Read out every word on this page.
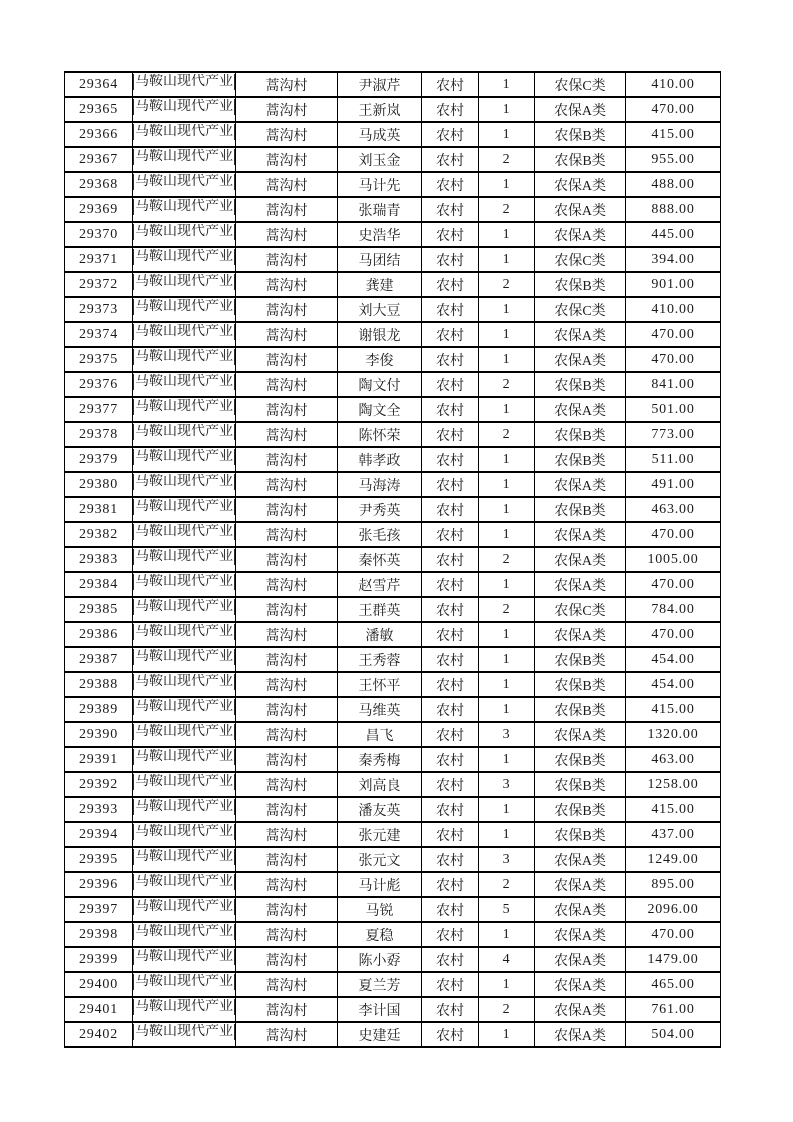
29364	马鞍山现代产业	蒿沟村	尹淑芹	农村	1	农保C类	410.00
29365	马鞍山现代产业	蒿沟村	王新岚	农村	1	农保A类	470.00
29366	马鞍山现代产业	蒿沟村	马成英	农村	1	农保B类	415.00
29367	马鞍山现代产业	蒿沟村	刘玉金	农村	2	农保B类	955.00
29368	马鞍山现代产业	蒿沟村	马计先	农村	1	农保A类	488.00
29369	马鞍山现代产业	蒿沟村	张瑞青	农村	2	农保A类	888.00
29370	马鞍山现代产业	蒿沟村	史浩华	农村	1	农保A类	445.00
29371	马鞍山现代产业	蒿沟村	马团结	农村	1	农保C类	394.00
29372	马鞍山现代产业	蒿沟村	龚建	农村	2	农保B类	901.00
29373	马鞍山现代产业	蒿沟村	刘大豆	农村	1	农保C类	410.00
29374	马鞍山现代产业	蒿沟村	谢银龙	农村	1	农保A类	470.00
29375	马鞍山现代产业	蒿沟村	李俊	农村	1	农保A类	470.00
29376	马鞍山现代产业	蒿沟村	陶文付	农村	2	农保B类	841.00
29377	马鞍山现代产业	蒿沟村	陶文全	农村	1	农保A类	501.00
29378	马鞍山现代产业	蒿沟村	陈怀荣	农村	2	农保B类	773.00
29379	马鞍山现代产业	蒿沟村	韩孝政	农村	1	农保B类	511.00
29380	马鞍山现代产业	蒿沟村	马海涛	农村	1	农保A类	491.00
29381	马鞍山现代产业	蒿沟村	尹秀英	农村	1	农保B类	463.00
29382	马鞍山现代产业	蒿沟村	张毛孩	农村	1	农保A类	470.00
29383	马鞍山现代产业	蒿沟村	秦怀英	农村	2	农保A类	1005.00
29384	马鞍山现代产业	蒿沟村	赵雪芹	农村	1	农保A类	470.00
29385	马鞍山现代产业	蒿沟村	王群英	农村	2	农保C类	784.00
29386	马鞍山现代产业	蒿沟村	潘敏	农村	1	农保A类	470.00
29387	马鞍山现代产业	蒿沟村	王秀蓉	农村	1	农保B类	454.00
29388	马鞍山现代产业	蒿沟村	王怀平	农村	1	农保B类	454.00
29389	马鞍山现代产业	蒿沟村	马维英	农村	1	农保B类	415.00
29390	马鞍山现代产业	蒿沟村	昌飞	农村	3	农保A类	1320.00
29391	马鞍山现代产业	蒿沟村	秦秀梅	农村	1	农保B类	463.00
29392	马鞍山现代产业	蒿沟村	刘高良	农村	3	农保B类	1258.00
29393	马鞍山现代产业	蒿沟村	潘友英	农村	1	农保B类	415.00
29394	马鞍山现代产业	蒿沟村	张元建	农村	1	农保B类	437.00
29395	马鞍山现代产业	蒿沟村	张元文	农村	3	农保A类	1249.00
29396	马鞍山现代产业	蒿沟村	马计彪	农村	2	农保A类	895.00
29397	马鞍山现代产业	蒿沟村	马锐	农村	5	农保A类	2096.00
29398	马鞍山现代产业	蒿沟村	夏稳	农村	1	农保A类	470.00
29399	马鞍山现代产业	蒿沟村	陈小孬	农村	4	农保A类	1479.00
29400	马鞍山现代产业	蒿沟村	夏兰芳	农村	1	农保A类	465.00
29401	马鞍山现代产业	蒿沟村	李计国	农村	2	农保A类	761.00
29402	马鞍山现代产业	蒿沟村	史建廷	农村	1	农保A类	504.00
